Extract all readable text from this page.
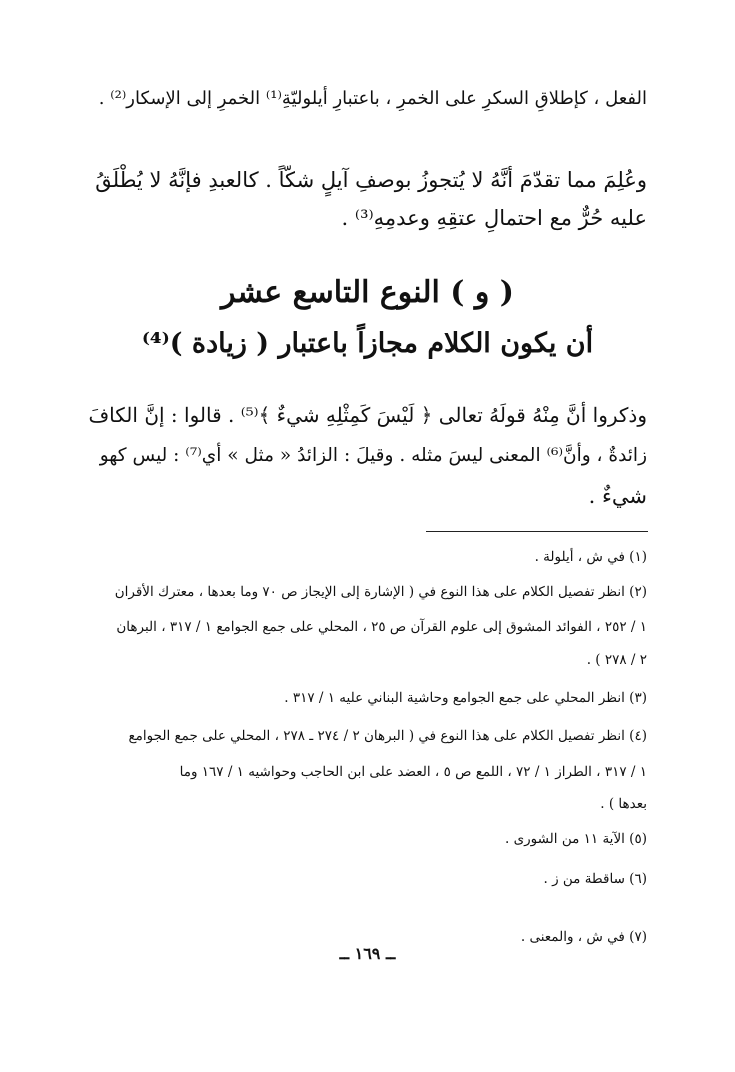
الفعل ، كإطلاقِ السكرِ على الخمرِ ، باعتبارِ أيلوليّةِ⁽¹⁾ الخمرِ إلى الإسكار⁽²⁾ .
وعُلِمَ مما تقدّمَ أنَّهُ لا يُتجوزُ بوصفِ آيلٍ شكّاً . كالعبدِ فإنَّهُ لا يُطْلَقُ
عليه حُرٌّ مع احتمالِ عتقِهِ وعدمِهِ⁽³⁾ .
( و ) النوع التاسع عشر
أن يكون الكلام مجازاً باعتبار ( زيادة )⁽⁴⁾
وذكروا أنَّ مِنْهُ قولَهُ تعالى ﴿ لَيْسَ كَمِثْلِهِ شيءٌ ﴾⁽⁵⁾ . قالوا : إنَّ الكافَ
زائدةٌ ، وأنَّ⁽⁶⁾ المعنى ليسَ مثله . وقيلَ : الزائدُ « مثل » أي⁽⁷⁾ : ليس كهو
شيءٌ .
(١) في ش ، أيلولة .
(٢) انظر تفصيل الكلام على هذا النوع في ( الإشارة إلى الإيجاز ص ٧٠ وما بعدها ، معترك الأقران
١ / ٢٥٢ ، الفوائد المشوق إلى علوم القرآن ص ٢٥ ، المحلي على جمع الجوامع ١ / ٣١٧ ، البرهان
٢ / ٢٧٨ ) .
(٣) انظر المحلي على جمع الجوامع وحاشية البناني عليه ١ / ٣١٧ .
(٤) انظر تفصيل الكلام على هذا النوع في ( البرهان ٢ / ٢٧٤ ـ ٢٧٨ ، المحلي على جمع الجوامع
١ / ٣١٧ ، الطراز ١ / ٧٢ ، اللمع ص ٥ ، العضد على ابن الحاجب وحواشيه ١ / ١٦٧ وما
بعدها ) .
(٥) الآية ١١ من الشورى .
(٦) ساقطة من ز .
(٧) في ش ، والمعنى .
ــ ١٦٩ ــ
